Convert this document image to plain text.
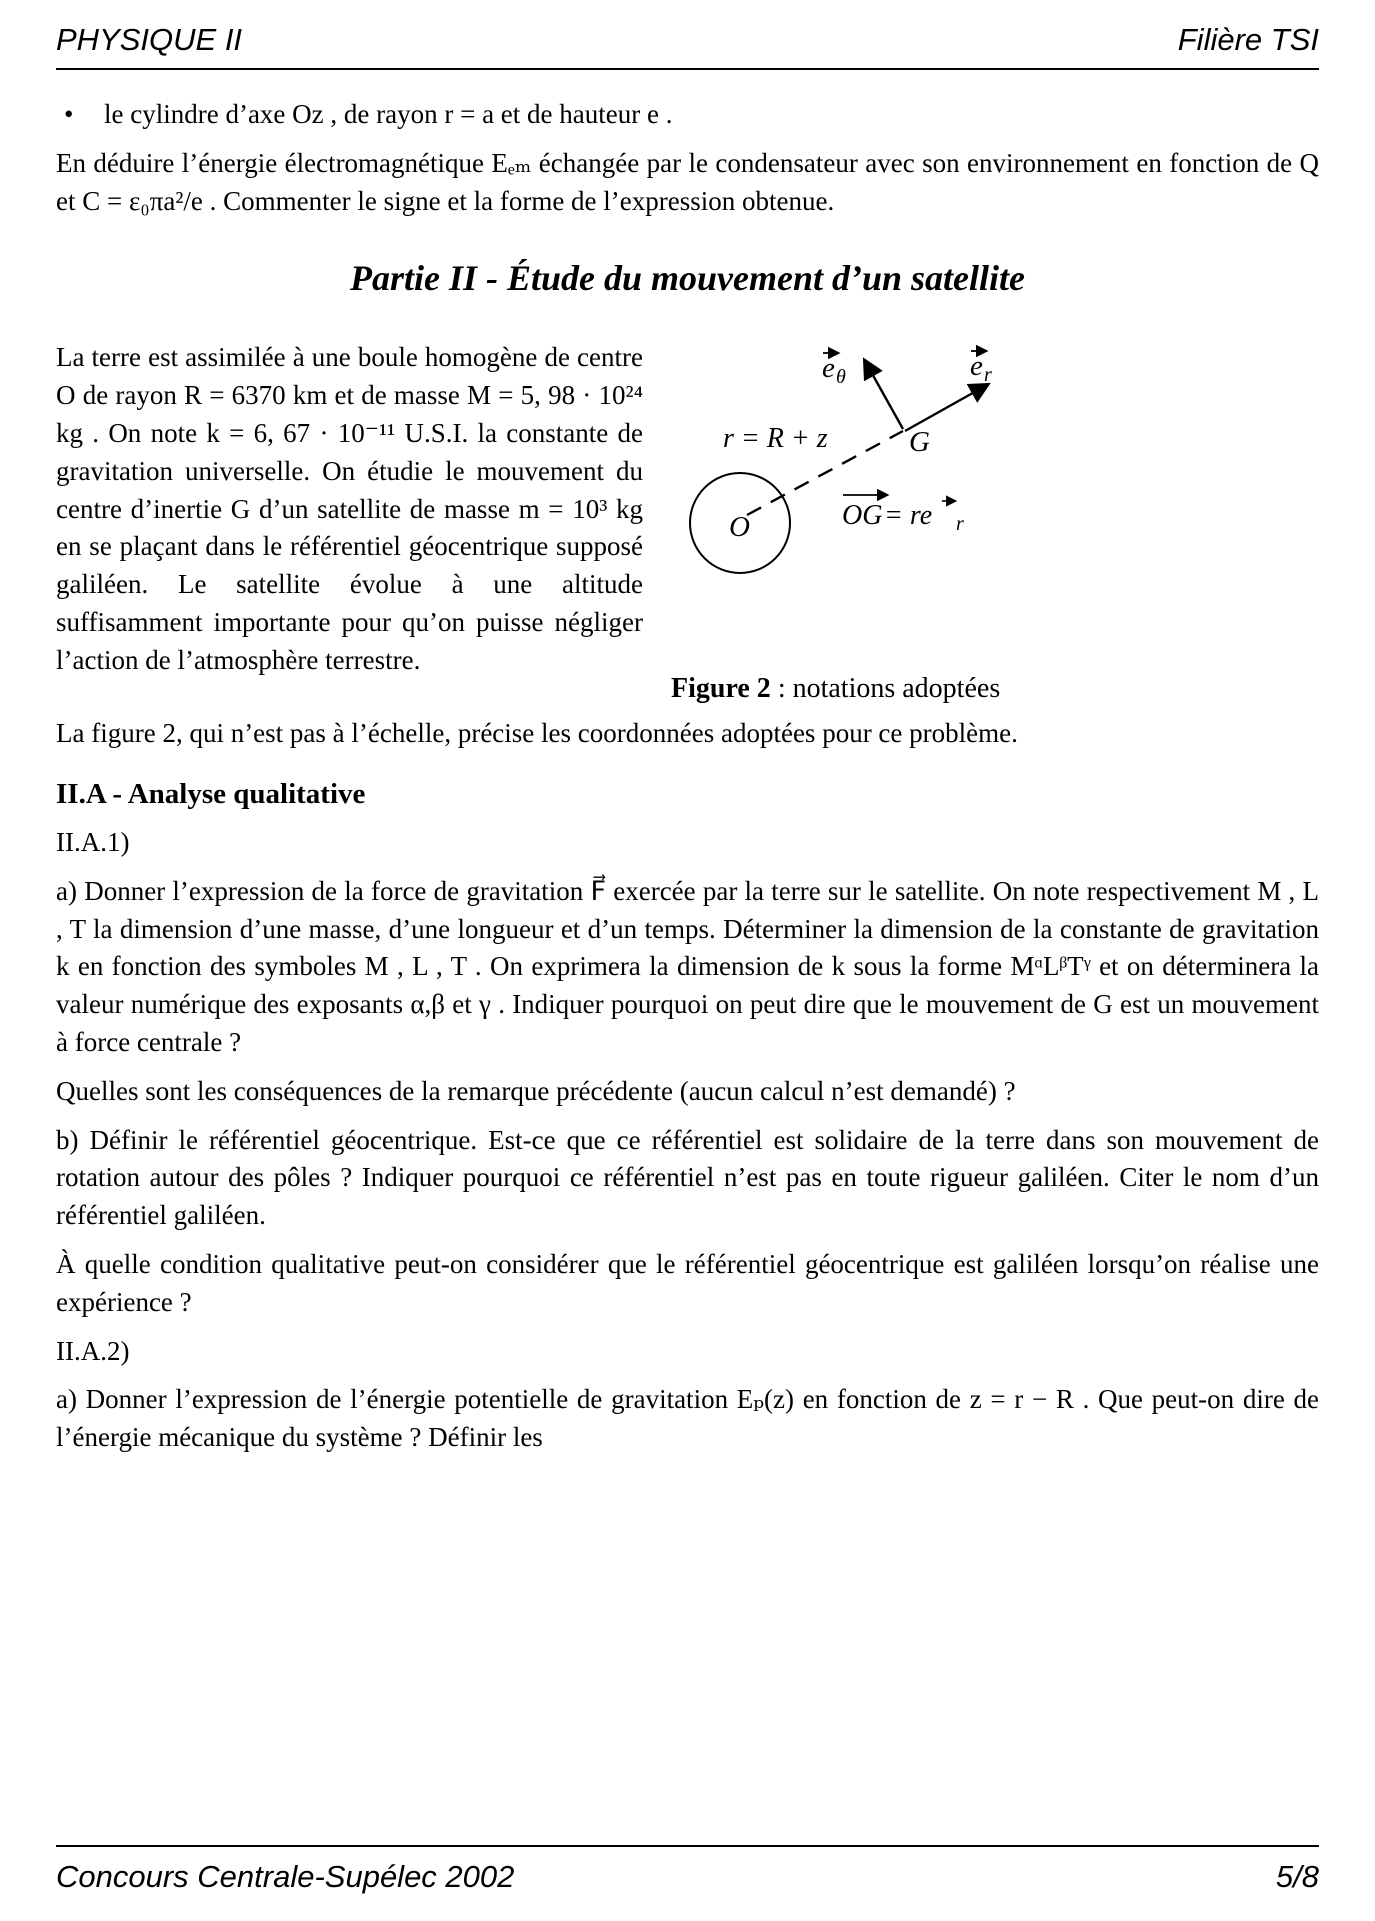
PHYSIQUE II	Filière TSI
•	le cylindre d’axe Oz , de rayon r = a et de hauteur e .

En déduire l’énergie électromagnétique Eₑₘ échangée par le condensateur avec son environnement en fonction de Q et C = ε₀πa²/e . Commenter le signe et la forme de l’expression obtenue.

Partie II - Étude du mouvement d’un satellite
O
r = R + z	G
e θ	e r
OG = re r
Figure 2 : notations adoptées

La terre est assimilée à une boule homogène de centre O de rayon R = 6370 km et de masse M = 5, 98 · 10²⁴ kg . On note k = 6, 67 · 10⁻¹¹ U.S.I. la constante de gravitation universelle. On étudie le mouvement du centre d’inertie G d’un satellite de masse m = 10³ kg en se plaçant dans le référentiel géocentrique supposé galiléen. Le satellite évolue à une altitude suffisamment importante pour qu’on puisse négliger l’action de l’atmosphère terrestre.

La figure 2, qui n’est pas à l’échelle, précise les coordonnées adoptées pour ce problème.

II.A - Analyse qualitative

II.A.1)

a) Donner l’expression de la force de gravitation F⃗ exercée par la terre sur le satellite. On note respectivement M , L , T la dimension d’une masse, d’une longueur et d’un temps. Déterminer la dimension de la constante de gravitation k en fonction des symboles M , L , T . On exprimera la dimension de k sous la forme MᵅLᵝTᵞ et on déterminera la valeur numérique des exposants α,β et γ . Indiquer pourquoi on peut dire que le mouvement de G est un mouvement à force centrale ?

Quelles sont les conséquences de la remarque précédente (aucun calcul n’est demandé) ?

b) Définir le référentiel géocentrique. Est-ce que ce référentiel est solidaire de la terre dans son mouvement de rotation autour des pôles ? Indiquer pourquoi ce référentiel n’est pas en toute rigueur galiléen. Citer le nom d’un référentiel galiléen.

À quelle condition qualitative peut-on considérer que le référentiel géocentrique est galiléen lorsqu’on réalise une expérience ?

II.A.2)

a) Donner l’expression de l’énergie potentielle de gravitation Eₚ(z) en fonction de z = r − R . Que peut-on dire de l’énergie mécanique du système ? Définir les

Concours Centrale-Supélec 2002	5/8
